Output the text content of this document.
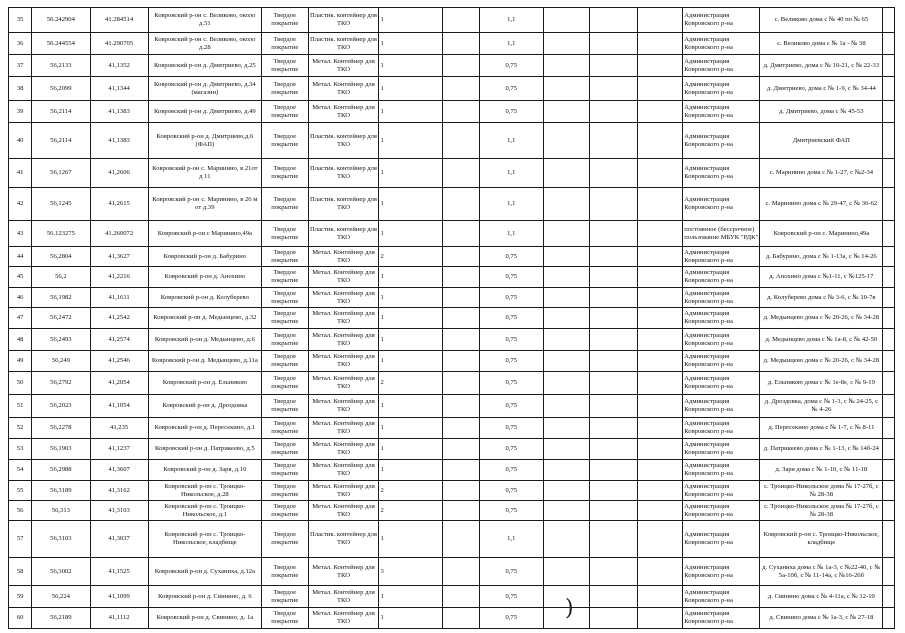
35	56.242904	41.284514	Ковровский р-он с. Великово, около д.51	Твердое покрытие	Пластик. контейнер для ТКО	1		1,1				Администрация Ковровского р-на	с. Великово дома с № 40 по № 65	
36	56.244554	41.290705	Ковровский р-он с. Великово, около д.28	Твердое покрытие	Пластик. контейнер для ТКО	1		1,1				Администрация Ковровского р-на	с. Великово дома с № 1а - № 38	
37	56,2133	41,1352	Ковровский р-он д. Дмитриево, д.25	Твердое покрытие	Метал. Контейнер для ТКО	1		0,75				Администрация Ковровского р-на	д. Дмитриево, дома с № 10-21, с № 22-33	
38	56,2099	41,1344	Ковровский р-он д. Дмитриево, д.34 (магазин)	Твердое покрытие	Метал. Контейнер для ТКО	1		0,75				Администрация Ковровского р-на	д. Дмитриево, дома с № 1-9, с № 34-44	
39	56,2114	41,1383	Ковровский р-он д. Дмитриево, д.49	Твердое покрытие	Метал. Контейнер для ТКО	1		0,75				Администрация Ковровского р-на	д. Дмитриево, дома с № 45-53	
40	56,2114	41,1383	Ковровский р-он д. Дмитриево,д.6 (ФАП)	Твердое покрытие	Пластик. контейнер для ТКО	1		1,1				Администрация Ковровского р-на	Дмитриевский ФАП	
41	56,1267	41,2606	Ковровский р-он с. Маринино, в 21от д 11	Твердое покрытие	Пластик. контейнер для ТКО	1		1,1				Администрация Ковровского р-на	с. Маринино дома с № 1-27, с №2-34	
42	56,1245	41,2615	Ковровский р-он с. Маринино, в 26 м от д.39	Твердое покрытие	Пластик. контейнер для ТКО	1		1,1				Администрация Ковровского р-на	с. Маринино дома с № 29-47, с № 36-62	
43	56.123275	41.260072	Ковровский р-он с Маринино,49а	Твердое покрытие	Пластик. контейнер для ТКО	1		1,1				постоянное (бессрочное) пользование МБУК "РДК"	Ковровский р-он с. Маринино,49а	
44	56,2804	41,3627	Ковровский р-он д. Бабурино	Твердое покрытие	Метал. Контейнер для ТКО	2		0,75				Администрация Ковровского р-на	д. Бабурино, дома с № 1-13а, с № 14-26	
45	56,2	41,2216	Ковровский р-он д. Анохино	Твердое покрытие	Метал. Контейнер для ТКО	1		0,75				Администрация Ковровского р-на	д. Анохино дома с №1-11, с №125-17	
46	56,1982	41,1611	Ковровский р-он д. Колуберево	Твердое покрытие	Метал. Контейнер для ТКО	1		0,75				Администрация Ковровского р-на	д. Колуберево дома с № 3-6, с № 10-7в	
47	56,2472	41,2542	Ковровский р-он д. Медынцево, д.32	Твердое покрытие	Метал. Контейнер для ТКО	1		0,75				Администрация Ковровского р-на	д. Медынцево дома с № 20-26, с № 34-28	
48	56,2493	41,2574	Ковровский р-он д. Медынцево, д.6	Твердое покрытие	Метал. Контейнер для ТКО	1		0,75				Администрация Ковровского р-на	д. Медынцево дома с № 1а-8, с № 42-50	
49	56,249	41,2546	Ковровский р-он д. Медынцево, д.11а	Твердое покрытие	Метал. Контейнер для ТКО	1		0,75				Администрация Ковровского р-на	д. Медынцево дома с № 20-26, с № 34-28	
50	56,2792	41,2054	Ковровский р-он д. Ельникою	Твердое покрытие	Метал. Контейнер для ТКО	2		0,75				Администрация Ковровского р-на	д. Ельникою дома с № 1е-8е, с № 9-19	
51	56,2023	41,1054	Ковровский р-он д. Дроздовка	Твердое покрытие	Метал. Контейнер для ТКО	1		0,75				Администрация Ковровского р-на	д. Дроздовка, дома с № 1-3, с № 24-25, с № 4-26	
52	56,2278	41,235	Ковровский р-он д. Пересекино, д.1	Твердое покрытие	Метал. Контейнер для ТКО	1		0,75				Администрация Ковровского р-на	д. Пересекино дома с № 1-7, с № 8-11	
53	56,1903	41,1237	Ковровский р-он д. Патрикеево, д.5	Твердое покрытие	Метал. Контейнер для ТКО	1		0,75				Администрация Ковровского р-на	д. Патрикеево дома с № 1-13, с № 14б-24	
54	56,2988	41,3607	Ковровский р-он д. Заря, д.10	Твердое покрытие	Метал. Контейнер для ТКО	1		0,75				Администрация Ковровского р-на	д. Заря дома с № 1-10, с № 11-18	
55	56,3189	41,3162	Ковровский р-он с. Троицко-Никольское, д.28	Твердое покрытие	Метал. Контейнер для ТКО	2		0,75				Администрация Ковровского р-на	с. Троицко-Никольское дома № 17-27б, с № 28-38	
56	56,313	41,3103	Ковровский р-он с. Троицко-Никольское, д.1	Твердое покрытие	Метал. Контейнер для ТКО	2		0,75				Администрация Ковровского р-на	с. Троицко-Никольское дома № 17-27б, с № 28-38	
57	56,3103	41,3037	Ковровский р-он с. Троицко-Никольское, кладбище	Твердое покрытие	Пластик. контейнер для ТКО	1		1,1				Администрация Ковровского р-на	Ковровский р-он с. Троицко-Никольское, кладбище	
58	56,3002	41,1525	Ковровский р-он д. Суханиха, д.12а	Твердое покрытие	Метал. Контейнер для ТКО	3		0,75				Администрация Ковровского р-на	д. Суханиха дома с № 1а-3, с №22-40, с № 5а-10б, с № 11-14а, с №16-26б	
59	56,224	41,1099	Ковровский р-он д. Свинино, д. 6	Твердое покрытие	Метал. Контейнер для ТКО	1		0,75				Администрация Ковровского р-на	д. Свинино дома с № 4-11а, с № 12-19	
60	56,2189	41,1112	Ковровский р-он д. Свинино, д. 1а	Твердое покрытие	Метал. Контейнер для ТКО	1		0,75				Администрация Ковровского р-на	д. Свинино дома с № 1а-3, с № 27-18	
)
